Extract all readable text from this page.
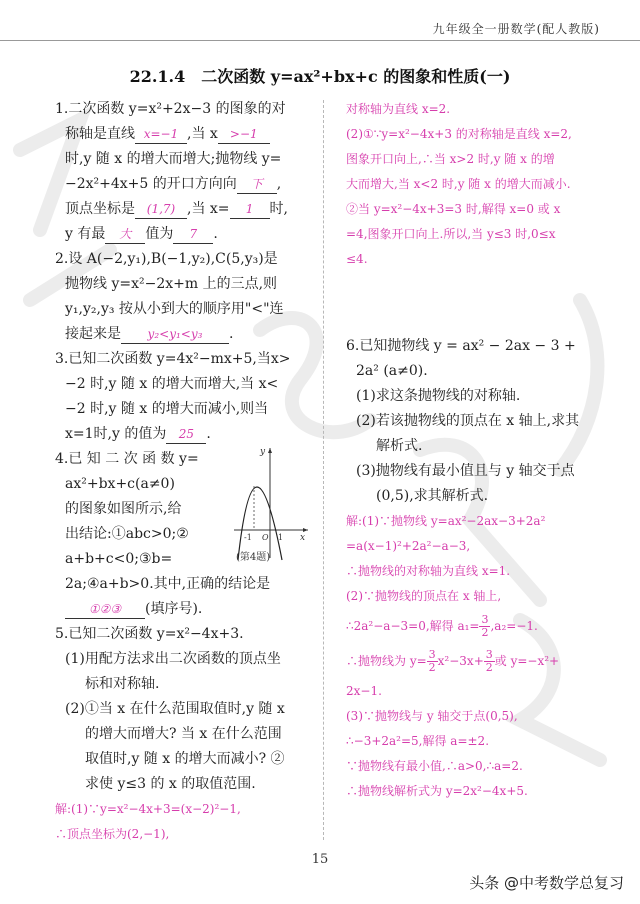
九年级全一册数学(配人教版)
22.1.4　二次函数 y=ax²+bx+c 的图象和性质(一)
1.二次函数 y=x²+2x−3 的图象的对
称轴是直线 x=−1 ,当 x >−1
时,y 随 x 的增大而增大;抛物线 y=
−2x²+4x+5 的开口方向向 下 ,
顶点坐标是 (1,7) ,当 x= 1 时,
y 有最 大 值为 7 .
2.设 A(−2,y₁),B(−1,y₂),C(5,y₃)是
抛物线 y=x²−2x+m 上的三点,则
y₁,y₂,y₃ 按从小到大的顺序用"<"连
接起来是 y₂<y₁<y₃ .
3.已知二次函数 y=4x²−mx+5,当x>
−2 时,y 随 x 的增大而增大,当 x<
−2 时,y 随 x 的增大而减小,则当
x=1时,y 的值为 25 .
4.已 知 二 次 函 数 y=
ax²+bx+c(a≠0)
的图象如图所示,给
出结论:①abc>0;②
a+b+c<0;③b=
2a;④a+b>0.其中,正确的结论是
①②③ (填序号).
5.已知二次函数 y=x²−4x+3.
(1)用配方法求出二次函数的顶点坐
标和对称轴.
(2)①当 x 在什么范围取值时,y 随 x
的增大而增大? 当 x 在什么范围
取值时,y 随 x 的增大而减小? ②
求使 y≤3 的 x 的取值范围.
解:(1)∵y=x²−4x+3=(x−2)²−1,
∴顶点坐标为(2,−1),
y
x
-1 O 1
(第4题)
对称轴为直线 x=2.
(2)①∵y=x²−4x+3 的对称轴是直线 x=2,
图象开口向上,∴当 x>2 时,y 随 x 的增
大而增大,当 x<2 时,y 随 x 的增大而减小.
②当 y=x²−4x+3=3 时,解得 x=0 或 x
=4,图象开口向上.所以,当 y≤3 时,0≤x
≤4.
6.已知抛物线 y = ax² − 2ax − 3 +
2a² (a≠0).
(1)求这条抛物线的对称轴.
(2)若该抛物线的顶点在 x 轴上,求其
解析式.
(3)抛物线有最小值且与 y 轴交于点
(0,5),求其解析式.
解:(1)∵抛物线 y=ax²−2ax−3+2a²
=a(x−1)²+2a²−a−3,
∴抛物线的对称轴为直线 x=1.
(2)∵抛物线的顶点在 x 轴上,
∴2a²−a−3=0,解得 $a_1= \frac{3}{2} ,a_2=-1$.
∴抛物线为 $y= \frac{3}{2} x^2-3x+ \frac{3}{2}$ 或 y=−x²+
2x−1.
(3)∵抛物线与 y 轴交于点(0,5),
∴−3+2a²=5,解得 a=±2.
∵抛物线有最小值,∴a>0,∴a=2.
∴抛物线解析式为 y=2x²−4x+5.
15
头条 @中考数学总复习
